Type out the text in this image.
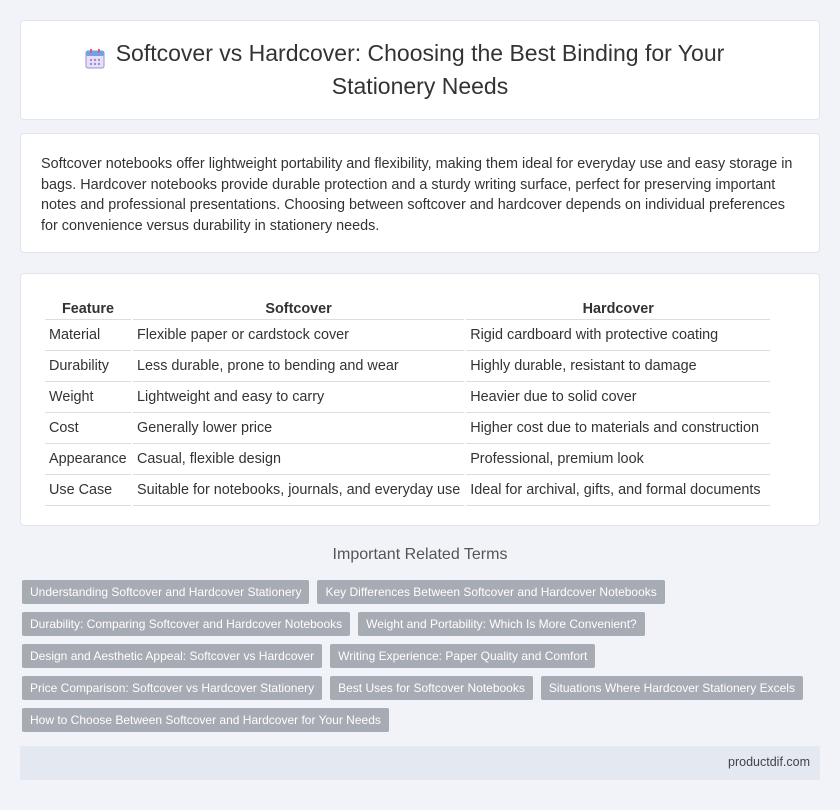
Softcover vs Hardcover: Choosing the Best Binding for Your Stationery Needs

Softcover notebooks offer lightweight portability and flexibility, making them ideal for everyday use and easy storage in bags. Hardcover notebooks provide durable protection and a sturdy writing surface, perfect for preserving important notes and professional presentations. Choosing between softcover and hardcover depends on individual preferences for convenience versus durability in stationery needs.

Feature	Softcover	Hardcover
Material	Flexible paper or cardstock cover	Rigid cardboard with protective coating
Durability	Less durable, prone to bending and wear	Highly durable, resistant to damage
Weight	Lightweight and easy to carry	Heavier due to solid cover
Cost	Generally lower price	Higher cost due to materials and construction
Appearance	Casual, flexible design	Professional, premium look
Use Case	Suitable for notebooks, journals, and everyday use	Ideal for archival, gifts, and formal documents
Important Related Terms
Understanding Softcover and Hardcover Stationery	Key Differences Between Softcover and Hardcover Notebooks
Durability: Comparing Softcover and Hardcover Notebooks	Weight and Portability: Which Is More Convenient?
Design and Aesthetic Appeal: Softcover vs Hardcover	Writing Experience: Paper Quality and Comfort
Price Comparison: Softcover vs Hardcover Stationery	Best Uses for Softcover Notebooks	Situations Where Hardcover Stationery Excels
How to Choose Between Softcover and Hardcover for Your Needs
productdif.com
